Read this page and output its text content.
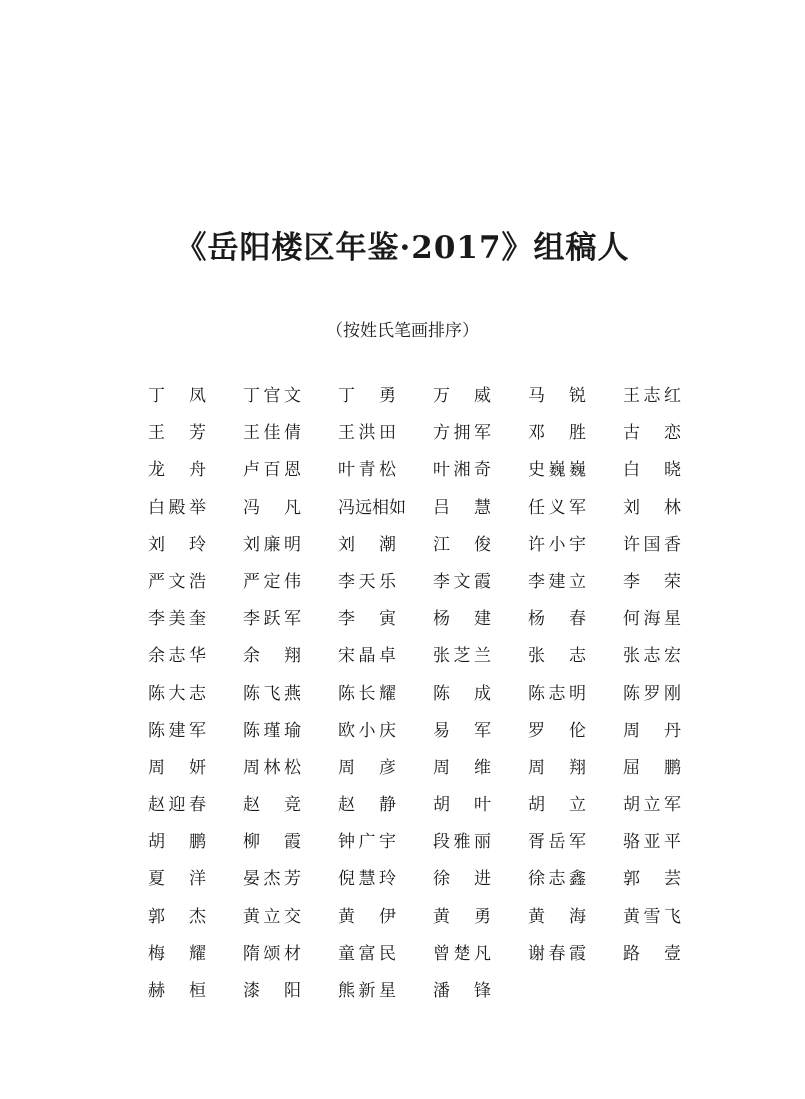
《岳阳楼区年鉴·2017》组稿人
（按姓氏笔画排序）
丁 凤 丁官文 丁 勇 万 威 马 锐 王志红
王 芳 王佳倩 王洪田 方拥军 邓 胜 古 恋
龙 舟 卢百恩 叶青松 叶湘奇 史巍巍 白 晓
白殿举 冯 凡 冯远相如 吕 慧 任义军 刘 林
刘 玲 刘廉明 刘 潮 江 俊 许小宇 许国香
严文浩 严定伟 李天乐 李文霞 李建立 李 荣
李美奎 李跃军 李 寅 杨 建 杨 春 何海星
余志华 余 翔 宋晶卓 张芝兰 张 志 张志宏
陈大志 陈飞燕 陈长耀 陈 成 陈志明 陈罗刚
陈建军 陈瑾瑜 欧小庆 易 军 罗 伦 周 丹
周 妍 周林松 周 彦 周 维 周 翔 屈 鹏
赵迎春 赵 竞 赵 静 胡 叶 胡 立 胡立军
胡 鹏 柳 霞 钟广宇 段雅丽 胥岳军 骆亚平
夏 洋 晏杰芳 倪慧玲 徐 进 徐志鑫 郭 芸
郭 杰 黄立交 黄 伊 黄 勇 黄 海 黄雪飞
梅 耀 隋颂材 童富民 曾楚凡 谢春霞 路 壹
赫 桓 漆 阳 熊新星 潘 锋
